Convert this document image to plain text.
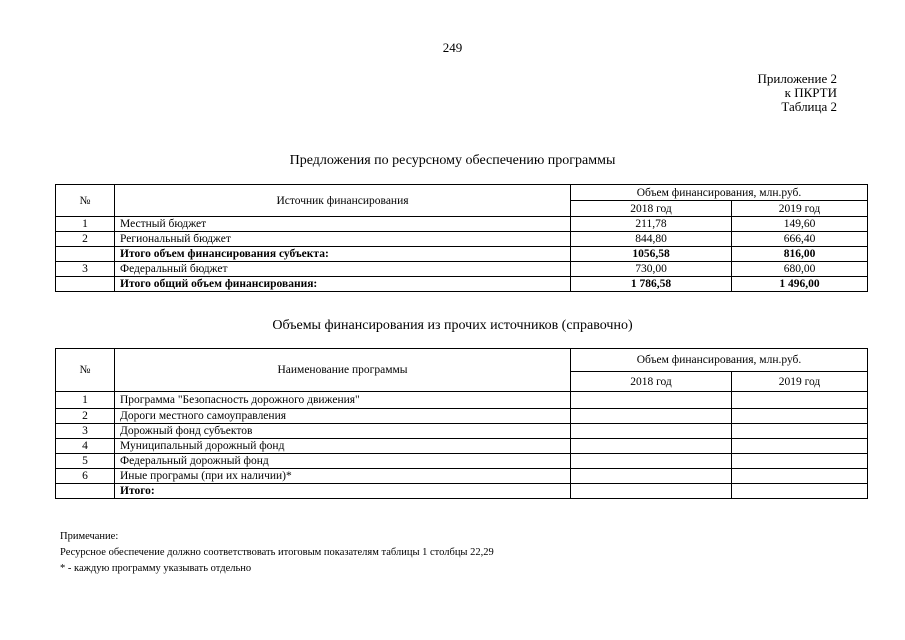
249
Приложение 2
к ПКРТИ
Таблица 2
Предложения по ресурсному обеспечению программы
№	Источник финансирования	Объем финансирования, млн.руб.	
		2018 год	2019 год
1	Местный бюджет	211,78	149,60
2	Региональный бюджет	844,80	666,40
	Итого объем финансирования субъекта:	1056,58	816,00
3	Федеральный бюджет	730,00	680,00
	Итого общий объем финансирования:	1 786,58	1 496,00
Объемы финансирования из прочих источников (справочно)
№	Наименование программы	Объем финансирования, млн.руб.	
		2018 год	2019 год
1	Программа "Безопасность дорожного движения"		
2	Дороги местного самоуправления		
3	Дорожный фонд субъектов		
4	Муниципальный дорожный фонд		
5	Федеральный дорожный фонд		
6	Иные програмы (при их наличии)*		
	Итого:		
Примечание:
Ресурсное обеспечение должно соответствовать итоговым показателям таблицы 1 столбцы 22,29
* - каждую программу указывать отдельно
